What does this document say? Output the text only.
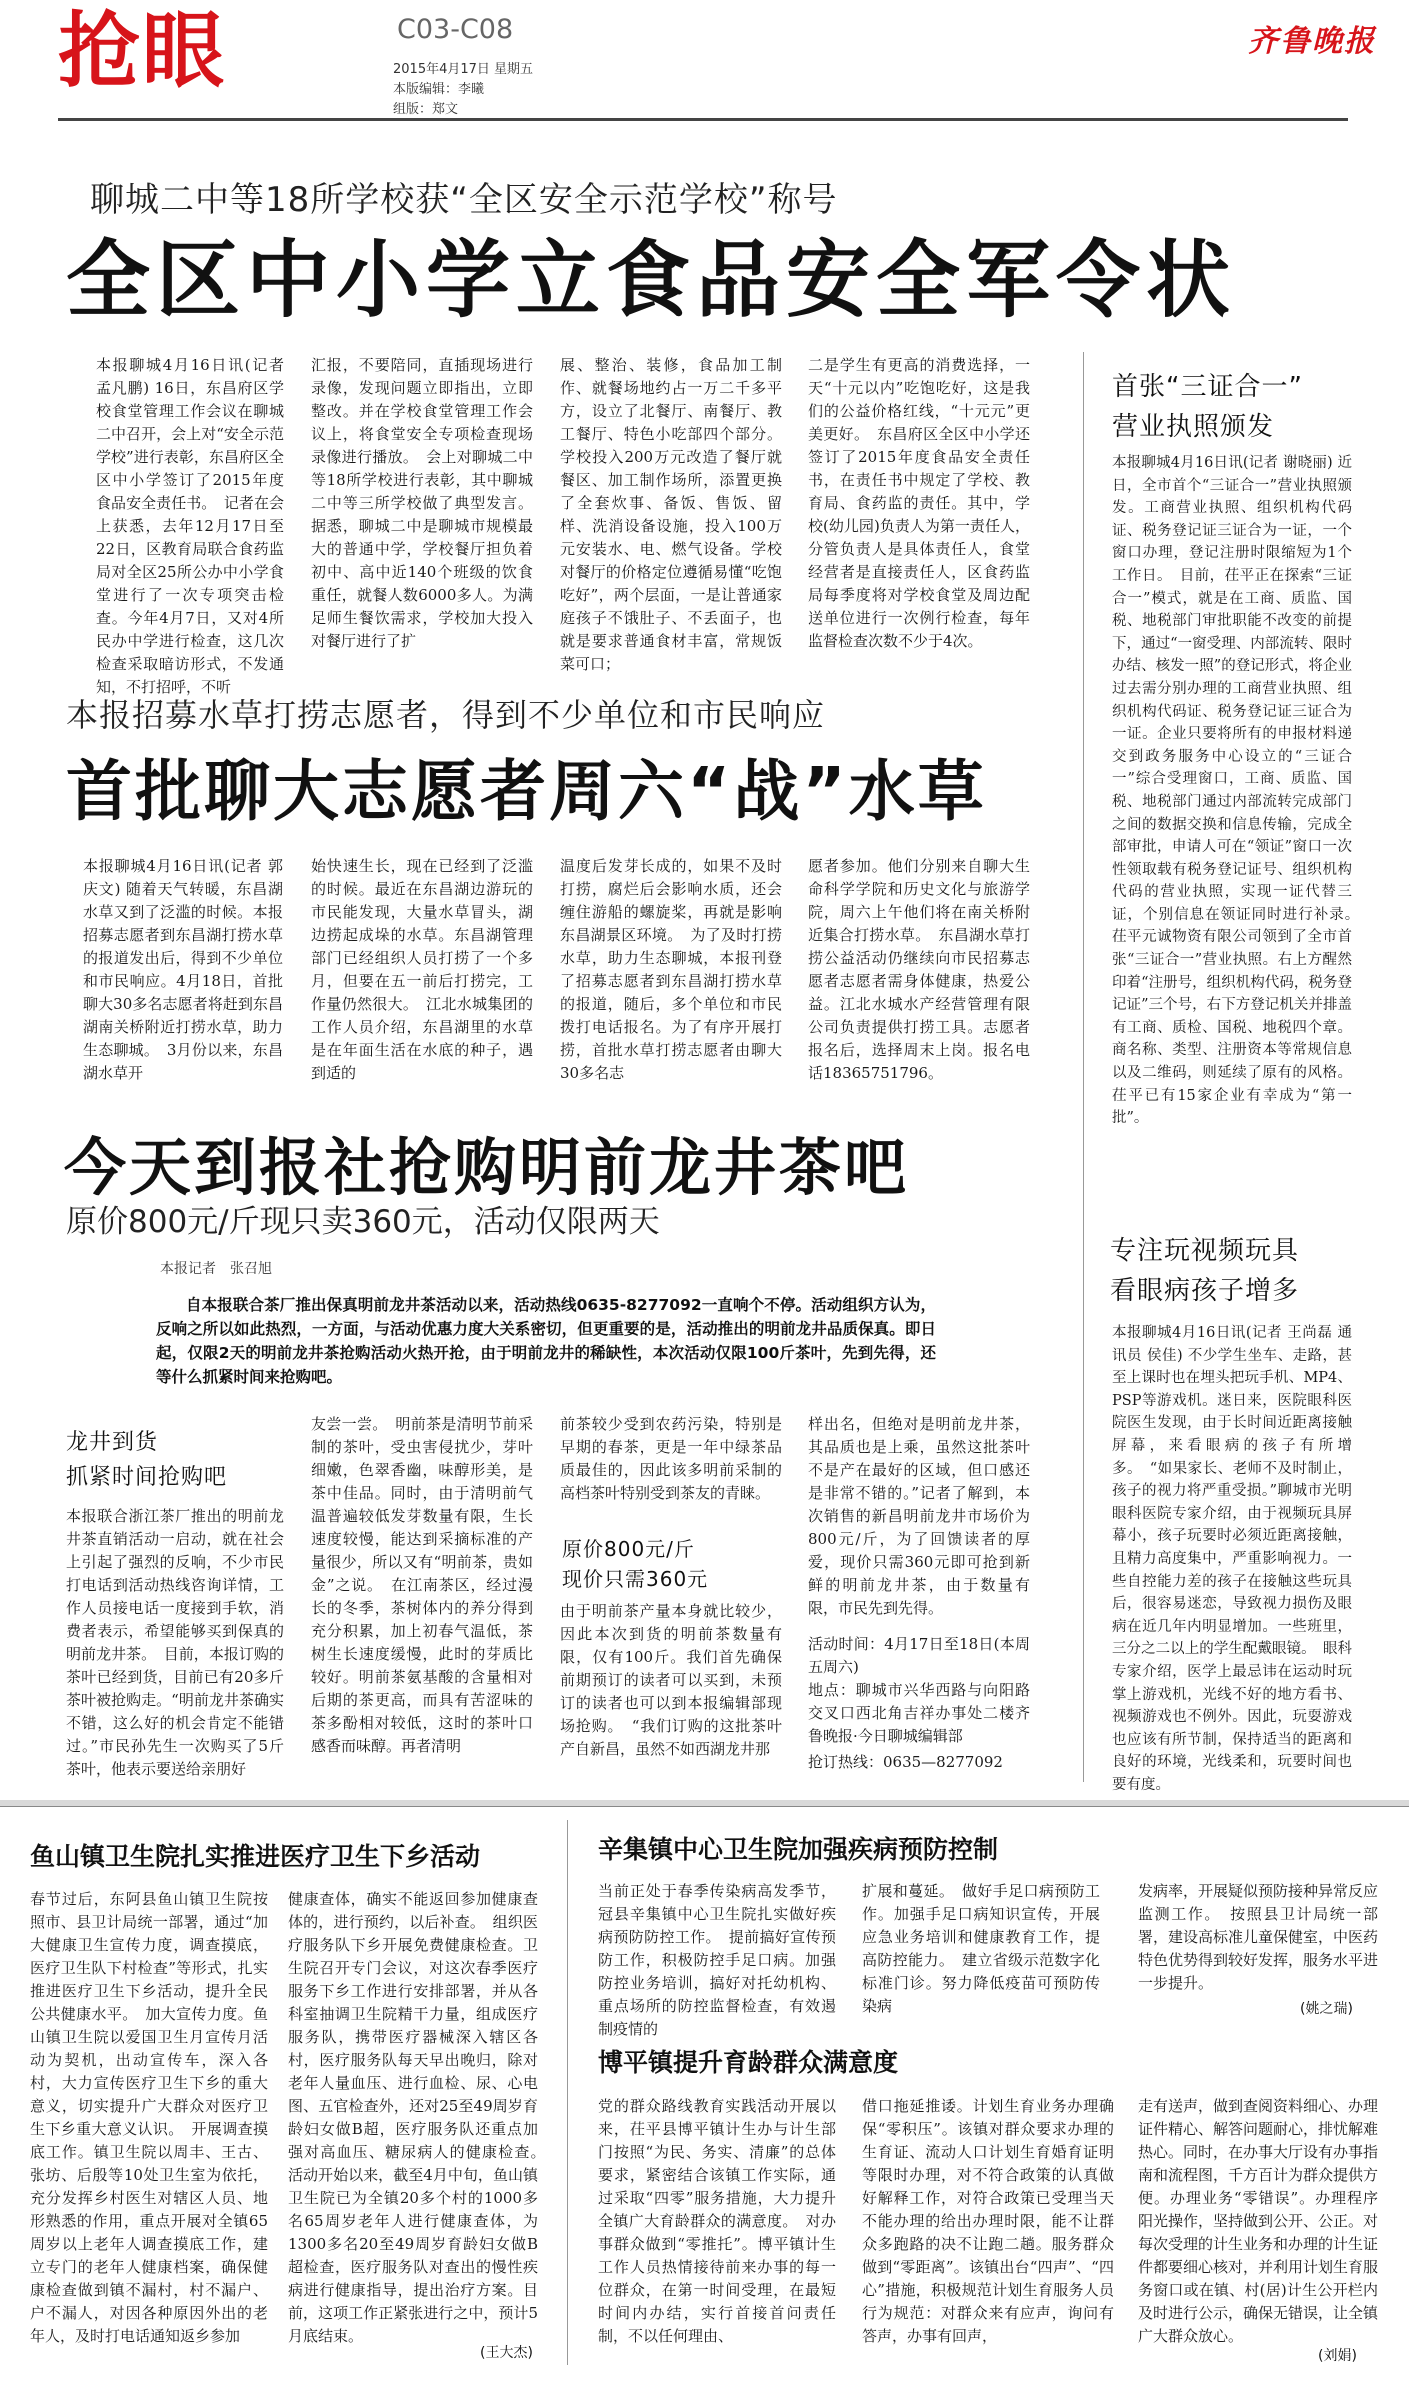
抢眼	C03-C08
2015年4月17日 星期五
本版编辑：李曦
组版：郑文
齐鲁晚报
聊城二中等18所学校获“全区安全示范学校”称号
全区中小学立食品安全军令状
本报聊城4月16日讯(记者 孟凡鹏) 16日，东昌府区学校食堂管理工作会议在聊城二中召开，会上对“安全示范学校”进行表彰，东昌府区全区中小学签订了2015年度食品安全责任书。　记者在会上获悉，去年12月17日至22日，区教育局联合食药监局对全区25所公办中小学食堂进行了一次专项突击检查。今年4月7日，又对4所民办中学进行检查，这几次检查采取暗访形式，不发通知，不打招呼，不听
汇报，不要陪同，直插现场进行录像，发现问题立即指出，立即整改。并在学校食堂管理工作会议上，将食堂安全专项检查现场录像进行播放。　会上对聊城二中等18所学校进行表彰，其中聊城二中等三所学校做了典型发言。据悉，聊城二中是聊城市规模最大的普通中学，学校餐厅担负着初中、高中近140个班级的饮食重任，就餐人数6000多人。为满足师生餐饮需求，学校加大投入对餐厅进行了扩
展、整治、装修，食品加工制作、就餐场地约占一万二千多平方，设立了北餐厅、南餐厅、教工餐厅、特色小吃部四个部分。学校投入200万元改造了餐厅就餐区、加工制作场所，添置更换了全套炊事、备饭、售饭、留样、洗消设备设施，投入100万元安装水、电、燃气设备。学校对餐厅的价格定位遵循易懂“吃饱吃好”，两个层面，一是让普通家庭孩子不饿肚子、不丢面子，也就是要求普通食材丰富，常规饭菜可口；
二是学生有更高的消费选择，一天“十元以内”吃饱吃好，这是我们的公益价格红线，“十元元”更美更好。　东昌府区全区中小学还签订了2015年度食品安全责任书，在责任书中规定了学校、教育局、食药监的责任。其中，学校(幼儿园)负责人为第一责任人，分管负责人是具体责任人，食堂经营者是直接责任人，区食药监局每季度将对学校食堂及周边配送单位进行一次例行检查，每年监督检查次数不少于4次。
本报招募水草打捞志愿者，得到不少单位和市民响应
首批聊大志愿者周六“战”水草
本报聊城4月16日讯(记者 郭庆文) 随着天气转暖，东昌湖水草又到了泛滥的时候。本报招募志愿者到东昌湖打捞水草的报道发出后，得到不少单位和市民响应。4月18日，首批聊大30多名志愿者将赶到东昌湖南关桥附近打捞水草，助力生态聊城。　3月份以来，东昌湖水草开
始快速生长，现在已经到了泛滥的时候。最近在东昌湖边游玩的市民能发现，大量水草冒头，湖边捞起成垛的水草。东昌湖管理部门已经组织人员打捞了一个多月，但要在五一前后打捞完，工作量仍然很大。　江北水城集团的工作人员介绍，东昌湖里的水草是在年面生活在水底的种子，遇到适的
温度后发芽长成的，如果不及时打捞，腐烂后会影响水质，还会缠住游船的螺旋桨，再就是影响东昌湖景区环境。　为了及时打捞水草，助力生态聊城，本报刊登了招募志愿者到东昌湖打捞水草的报道，随后，多个单位和市民拨打电话报名。为了有序开展打捞，首批水草打捞志愿者由聊大30多名志
愿者参加。他们分别来自聊大生命科学学院和历史文化与旅游学院，周六上午他们将在南关桥附近集合打捞水草。　东昌湖水草打捞公益活动仍继续向市民招募志愿者志愿者需身体健康，热爱公益。江北水城水产经营管理有限公司负责提供打捞工具。志愿者报名后，选择周末上岗。报名电话18365751796。
首张“三证合一”
营业执照颁发
本报聊城4月16日讯(记者 谢晓丽) 近日，全市首个“三证合一”营业执照颁发。工商营业执照、组织机构代码证、税务登记证三证合为一证，一个窗口办理，登记注册时限缩短为1个工作日。　目前，茌平正在探索“三证合一”模式，就是在工商、质监、国税、地税部门审批职能不改变的前提下，通过“一窗受理、内部流转、限时办结、核发一照”的登记形式，将企业过去需分别办理的工商营业执照、组织机构代码证、税务登记证三证合为一证。企业只要将所有的申报材料递交到政务服务中心设立的“三证合一”综合受理窗口，工商、质监、国税、地税部门通过内部流转完成部门之间的数据交换和信息传输，完成全部审批，申请人可在“领证”窗口一次性领取载有税务登记证号、组织机构代码的营业执照，实现一证代替三证，个别信息在领证同时进行补录。　茌平元诚物资有限公司领到了全市首张“三证合一”营业执照。右上方醒然印着“注册号，组织机构代码，税务登记证”三个号，右下方登记机关并排盖有工商、质检、国税、地税四个章。商名称、类型、注册资本等常规信息以及二维码，则延续了原有的风格。茌平已有15家企业有幸成为“第一批”。
专注玩视频玩具
看眼病孩子增多
本报聊城4月16日讯(记者 王尚磊 通讯员 侯佳) 不少学生坐车、走路，甚至上课时也在埋头把玩手机、MP4、PSP等游戏机。迷日来，医院眼科医院医生发现，由于长时间近距离接触屏幕，来看眼病的孩子有所增多。　“如果家长、老师不及时制止，孩子的视力将严重受损。”聊城市光明眼科医院专家介绍，由于视频玩具屏幕小，孩子玩要时必须近距离接触，且精力高度集中，严重影响视力。一些自控能力差的孩子在接触这些玩具后，很容易迷恋，导致视力损伤及眼病在近几年内明显增加。一些班里，三分之二以上的学生配戴眼镜。　眼科专家介绍，医学上最忌讳在运动时玩掌上游戏机，光线不好的地方看书、视频游戏也不例外。因此，玩耍游戏也应该有所节制，保持适当的距离和良好的环境，光线柔和，玩要时间也要有度。
今天到报社抢购明前龙井茶吧
原价800元/斤现只卖360元，活动仅限两天
本报记者　张召旭
自本报联合茶厂推出保真明前龙井茶活动以来，活动热线0635-8277092一直响个不停。活动组织方认为，反响之所以如此热烈，一方面，与活动优惠力度大关系密切，但更重要的是，活动推出的明前龙井品质保真。即日起，仅限2天的明前龙井茶抢购活动火热开抢，由于明前龙井的稀缺性，本次活动仅限100斤茶叶，先到先得，还等什么抓紧时间来抢购吧。
龙井到货
抓紧时间抢购吧
本报联合浙江茶厂推出的明前龙井茶直销活动一启动，就在社会上引起了强烈的反响，不少市民打电话到活动热线咨询详情，工作人员接电话一度接到手软，消费者表示，希望能够买到保真的明前龙井茶。　目前，本报订购的茶叶已经到货，目前已有20多斤茶叶被抢购走。“明前龙井茶确实不错，这么好的机会肯定不能错过。”市民孙先生一次购买了5斤茶叶，他表示要送给亲朋好
友尝一尝。　明前茶是清明节前采制的茶叶，受虫害侵扰少，芽叶细嫩，色翠香幽，味醇形美，是茶中佳品。同时，由于清明前气温普遍较低发芽数量有限，生长速度较慢，能达到采摘标准的产量很少，所以又有“明前茶，贵如金”之说。　在江南茶区，经过漫长的冬季，茶树体内的养分得到充分积累，加上初春气温低，茶树生长速度缓慢，此时的芽质比较好。明前茶氨基酸的含量相对后期的茶更高，而具有苦涩味的茶多酚相对较低，这时的茶叶口感香而味醇。再者清明
前茶较少受到农药污染，特别是早期的春茶，更是一年中绿茶品质最佳的，因此该多明前采制的高档茶叶特别受到茶友的青睐。
原价800元/斤
现价只需360元
由于明前茶产量本身就比较少，因此本次到货的明前茶数量有限，仅有100斤。我们首先确保前期预订的读者可以买到，未预订的读者也可以到本报编辑部现场抢购。　“我们订购的这批茶叶产自新昌，虽然不如西湖龙井那
样出名，但绝对是明前龙井茶，其品质也是上乘，虽然这批茶叶不是产在最好的区域，但口感还是非常不错的。”记者了解到，本次销售的新昌明前龙井市场价为800元/斤，为了回馈读者的厚爱，现价只需360元即可抢到新鲜的明前龙井茶，由于数量有限，市民先到先得。
活动时间：4月17日至18日(本周五周六)
地点：聊城市兴华西路与向阳路交叉口西北角吉祥办事处二楼齐鲁晚报·今日聊城编辑部
抢订热线：0635—8277092
鱼山镇卫生院扎实推进医疗卫生下乡活动
春节过后，东阿县鱼山镇卫生院按照市、县卫计局统一部署，通过“加大健康卫生宣传力度，调查摸底，医疗卫生队下村检查”等形式，扎实推进医疗卫生下乡活动，提升全民公共健康水平。　加大宣传力度。鱼山镇卫生院以爱国卫生月宣传月活动为契机，出动宣传车，深入各村，大力宣传医疗卫生下乡的重大意义，切实提升广大群众对医疗卫生下乡重大意义认识。　开展调查摸底工作。镇卫生院以周丰、王古、张坊、后殷等10处卫生室为依托，充分发挥乡村医生对辖区人员、地形熟悉的作用，重点开展对全镇65周岁以上老年人调查摸底工作，建立专门的老年人健康档案，确保健康检查做到镇不漏村，村不漏户、户不漏人，对因各种原因外出的老年人，及时打电话通知返乡参加
健康查体，确实不能返回参加健康查体的，进行预约，以后补查。　组织医疗服务队下乡开展免费健康检查。卫生院召开专门会议，对这次春季医疗服务下乡工作进行安排部署，并从各科室抽调卫生院精干力量，组成医疗服务队，携带医疗器械深入辖区各村，医疗服务队每天早出晚归，除对老年人量血压、进行血检、尿、心电图、五官检查外，还对25至49周岁育龄妇女做B超，医疗服务队还重点加强对高血压、糖尿病人的健康检查。　活动开始以来，截至4月中旬，鱼山镇卫生院已为全镇20多个村的1000多名65周岁老年人进行健康查体，为1300多名20至49周岁育龄妇女做B超检查，医疗服务队对查出的慢性疾病进行健康指导，提出治疗方案。目前，这项工作正紧张进行之中，预计5月底结束。
(王大杰)
辛集镇中心卫生院加强疾病预防控制
当前正处于春季传染病高发季节，冠县辛集镇中心卫生院扎实做好疾病预防防控工作。　提前搞好宣传预防工作，积极防控手足口病。加强防控业务培训，搞好对托幼机构、重点场所的防控监督检查，有效遏制疫情的
扩展和蔓延。　做好手足口病预防工作。加强手足口病知识宣传，开展应急业务培训和健康教育工作，提高防控能力。　建立省级示范数字化标准门诊。努力降低疫苗可预防传染病
发病率，开展疑似预防接种异常反应监测工作。　按照县卫计局统一部署，建设高标准儿童保健室，中医药特色优势得到较好发挥，服务水平进一步提升。
(姚之瑞)
博平镇提升育龄群众满意度
党的群众路线教育实践活动开展以来，茌平县博平镇计生办与计生部门按照“为民、务实、清廉”的总体要求，紧密结合该镇工作实际，通过采取“四零”服务措施，大力提升全镇广大育龄群众的满意度。　对办事群众做到“零推托”。博平镇计生工作人员热情接待前来办事的每一位群众，在第一时间受理，在最短时间内办结，实行首接首问责任制，不以任何理由、
借口拖延推诿。计划生育业务办理确保“零积压”。该镇对群众要求办理的生育证、流动人口计划生育婚育证明等限时办理，对不符合政策的认真做好解释工作，对符合政策已受理当天不能办理的给出办理时限，能不让群众多跑路的决不让跑二趟。服务群众做到“零距离”。该镇出台“四声”、“四心”措施，积极规范计划生育服务人员行为规范：对群众来有应声，询问有答声，办事有回声，
走有送声，做到查阅资料细心、办理证件精心、解答问题耐心，排忧解难热心。同时，在办事大厅设有办事指南和流程图，千方百计为群众提供方便。办理业务“零错误”。办理程序阳光操作，坚持做到公开、公正。对每次受理的计生业务和办理的计生证件都要细心核对，并利用计划生育服务窗口或在镇、村(居)计生公开栏内及时进行公示，确保无错误，让全镇广大群众放心。
(刘娟)
